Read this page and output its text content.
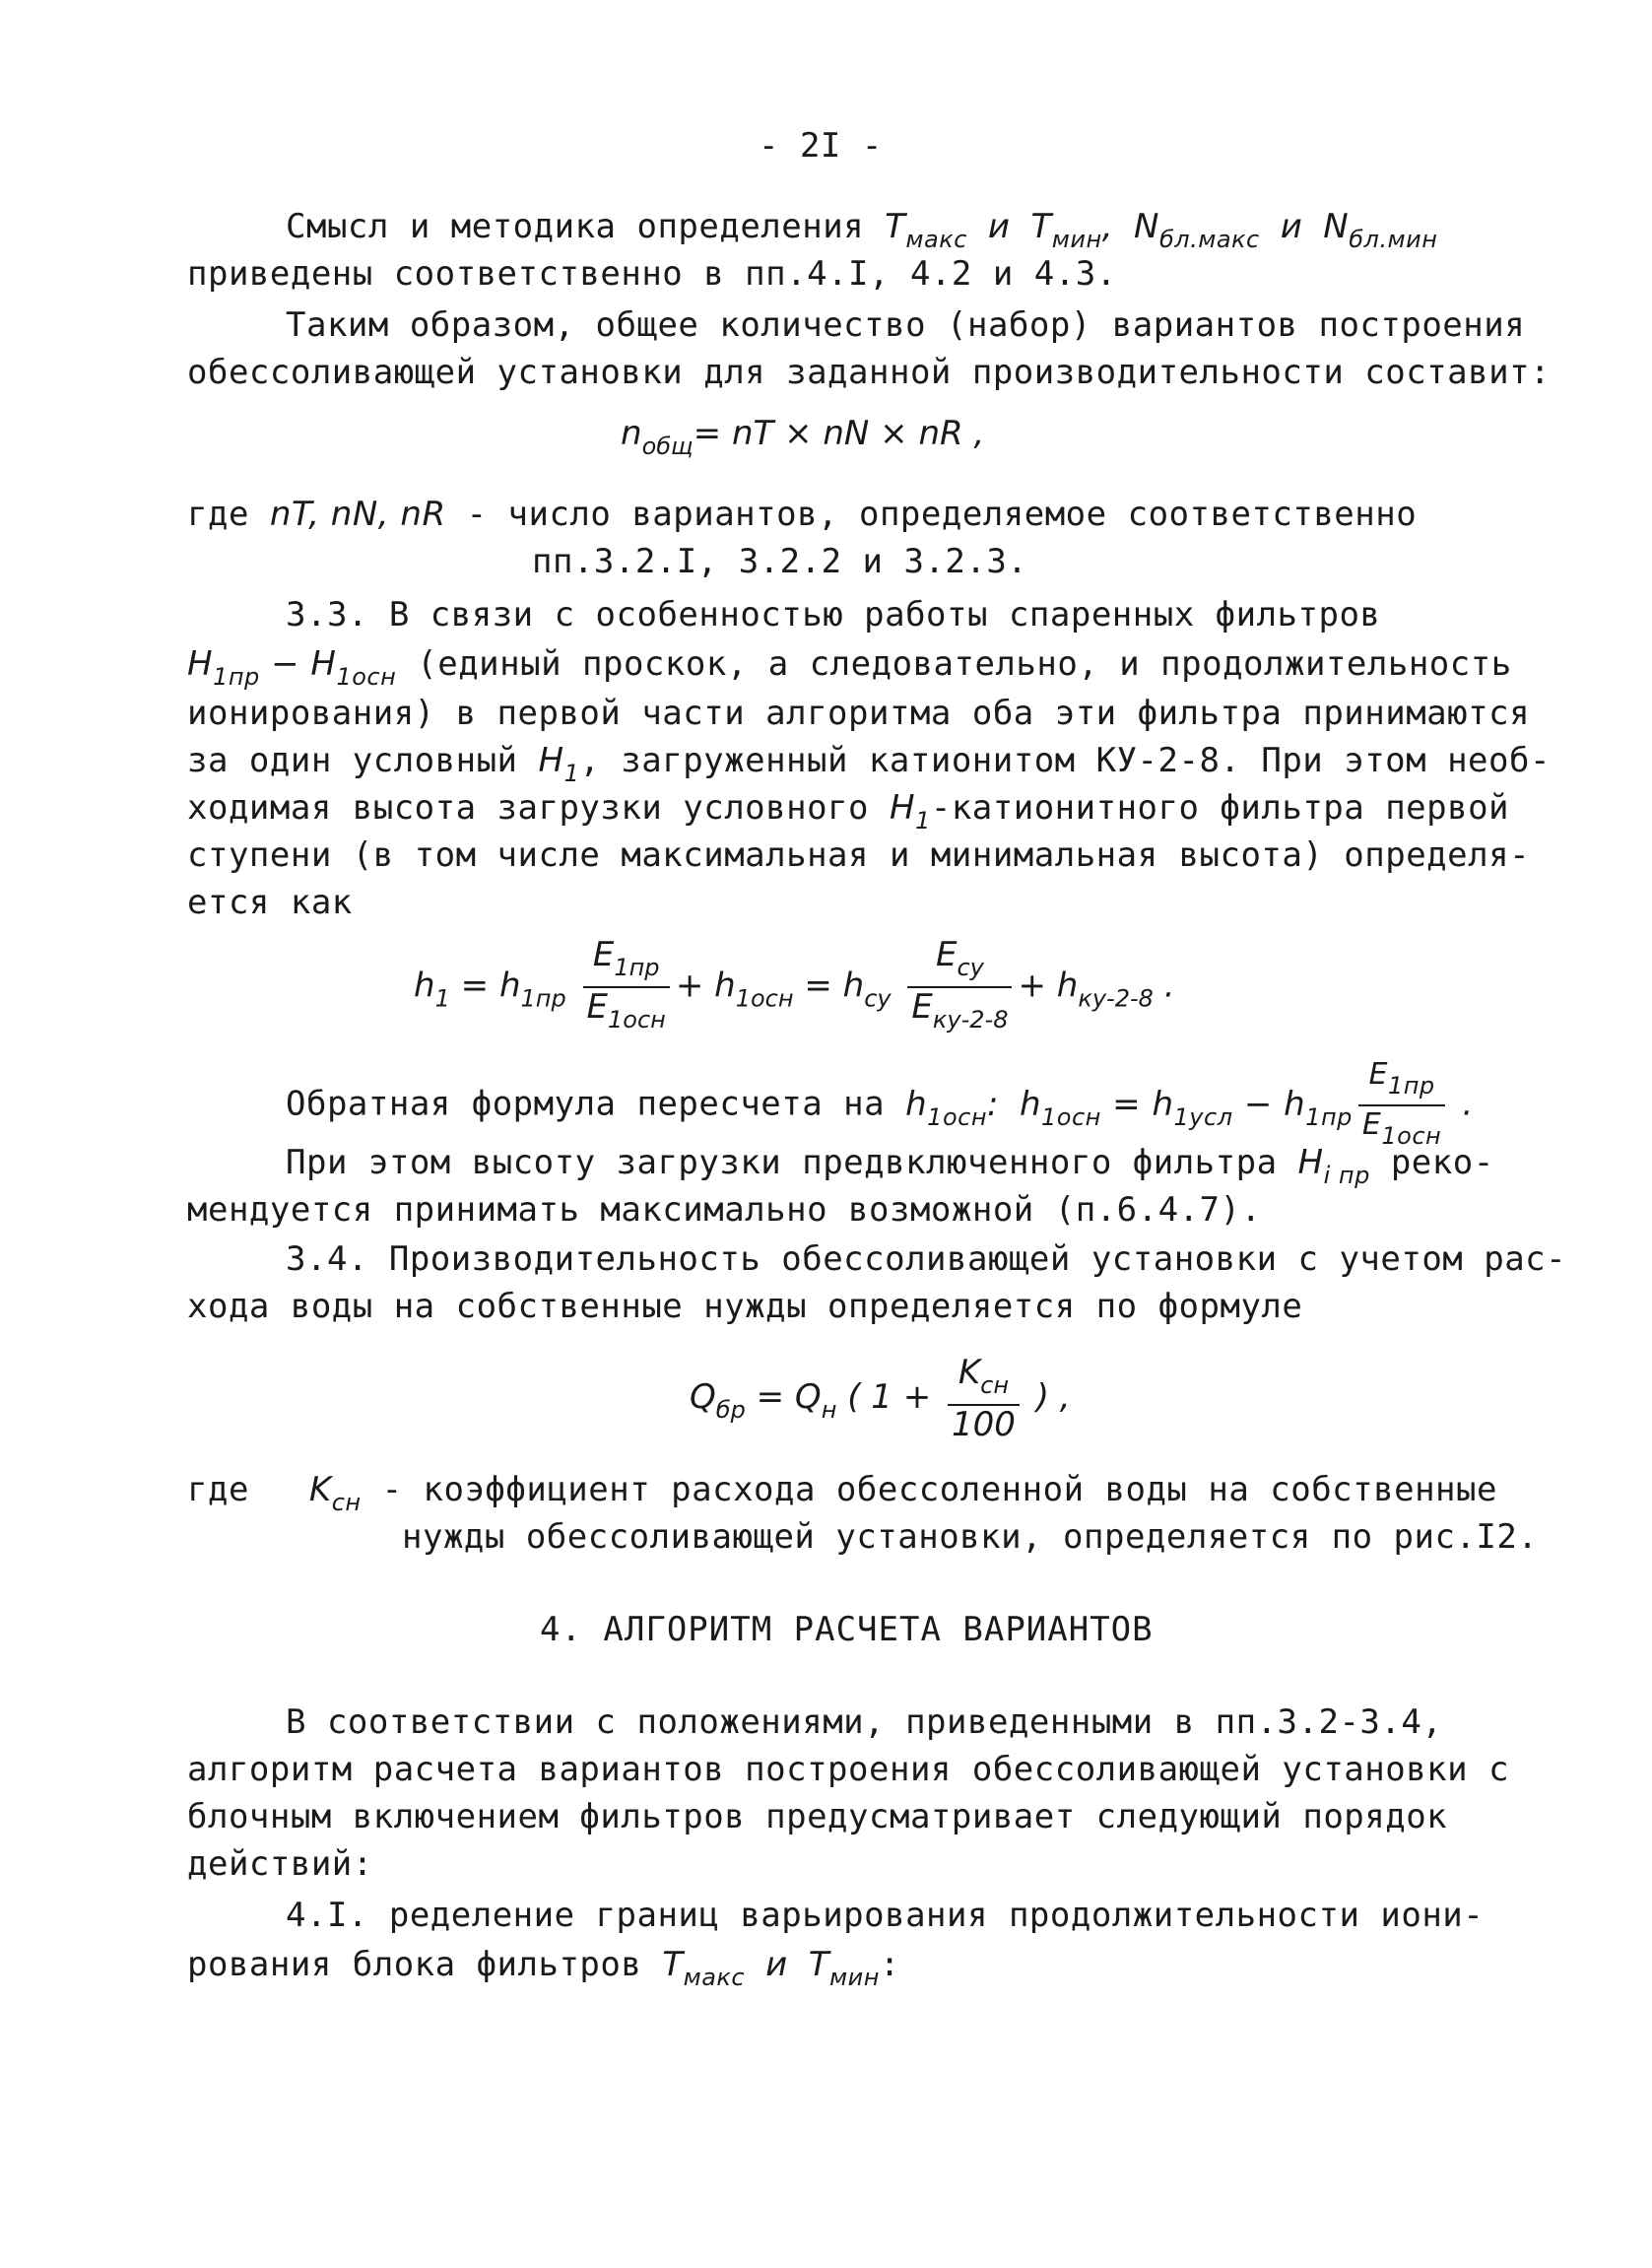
- 2I -
Смысл и методика определения $T_{макс}$ и $T_{мин}$, $N_{бл.макс}$ и $N_{бл.мин}$
приведены соответственно в пп.4.I, 4.2 и 4.3.
Таким образом, общее количество (набор) вариантов построения
обессоливающей установки для заданной производительности составит:
$n_{общ}=$ nT × nN × nR ,
где nT, nN, nR - число вариантов, определяемое соответственно
пп.3.2.I, 3.2.2 и 3.2.3.
3.3. В связи с особенностью работы спаренных фильтров
$H_{1пр} - H_{1осн}$ (единый проскок, а следовательно, и продолжительность
ионирования) в первой части алгоритма оба эти фильтра принимаются
за один условный $H_1$, загруженный катионитом КУ-2-8. При этом необ-
ходимая высота загрузки условного $H_1$-катионитного фильтра первой
ступени (в том числе максимальная и минимальная высота) определя-
ется как
$h_1 = h_{1пр} \frac{E_{1пр}}{E_{1осн}} + h_{1осн} = h_{су} \frac{E_{су}}{E_{ку-2-8}} + h_{ку-2-8}$ .
Обратная формула пересчета на $h_{1осн}$: $h_{1осн} = h_{1усл} - h_{1пр} \frac{E_{1пр}}{E_{1осн}}$ .
При этом высоту загрузки предвключенного фильтра $H_{i пр}$ реко-
мендуется принимать максимально возможной (п.6.4.7).
3.4. Производительность обессоливающей установки с учетом рас-
хода воды на собственные нужды определяется по формуле
$Q_{бр} = Q_н$ ( $1 + \frac{K_{сн}}{100}$ ) ,
где $K_{сн}$ - коэффициент расхода обессоленной воды на собственные
нужды обессоливающей установки, определяется по рис.I2.
4. АЛГОРИТМ РАСЧЕТА ВАРИАНТОВ
В соответствии с положениями, приведенными в пп.3.2-3.4,
алгоритм расчета вариантов построения обессоливающей установки с
блочным включением фильтров предусматривает следующий порядок
действий:
4.I. ределение границ варьирования продолжительности иони-
рования блока фильтров $T_{макс}$ и $T_{мин}$:
